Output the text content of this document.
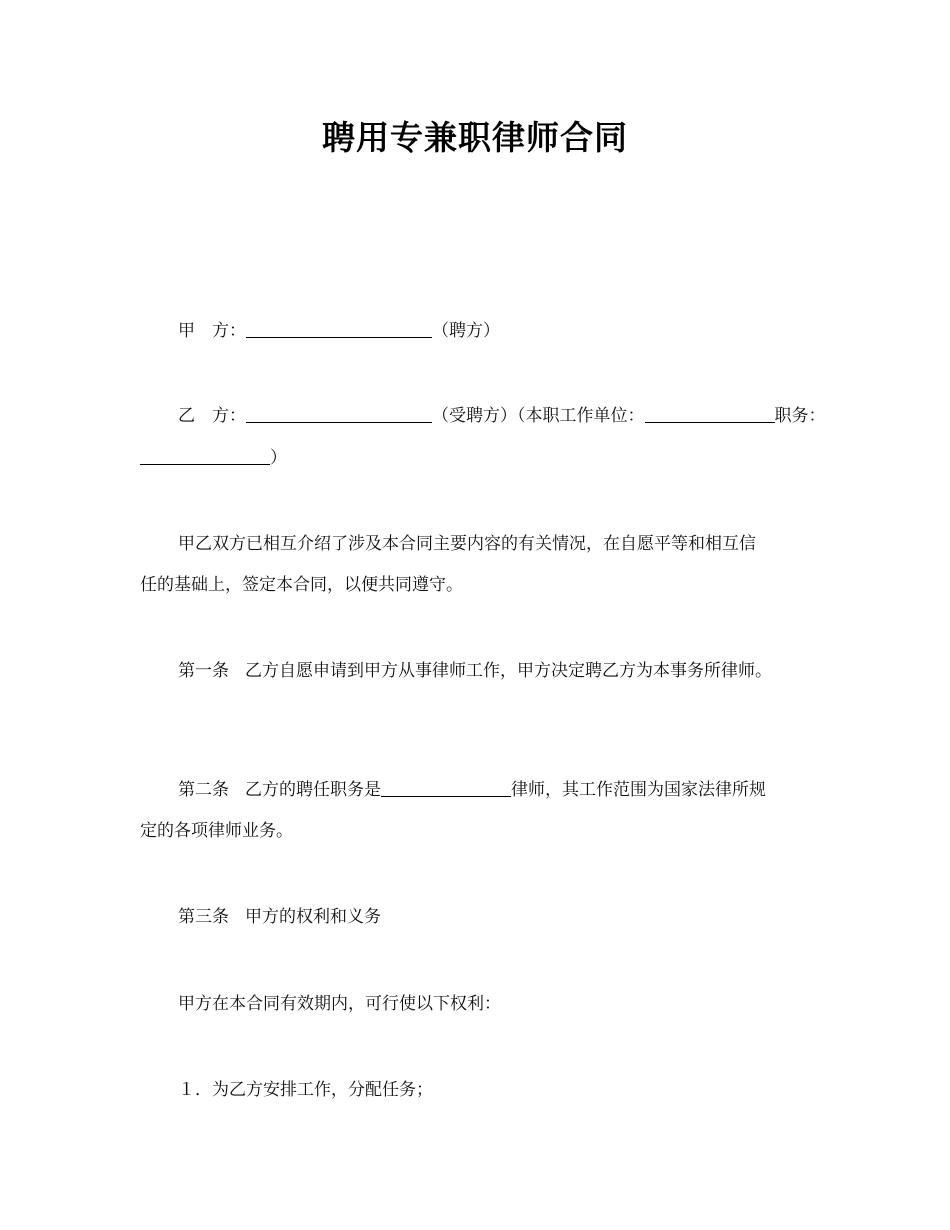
聘用专兼职律师合同
甲　方：	（聘方）
乙　方：	（受聘方）（本职工作单位：	职务：
）
甲乙双方已相互介绍了涉及本合同主要内容的有关情况，在自愿平等和相互信
任的基础上，签定本合同，以便共同遵守。
第一条 乙方自愿申请到甲方从事律师工作，甲方决定聘乙方为本事务所律师。
第二条 乙方的聘任职务是	律师，其工作范围为国家法律所规
定的各项律师业务。
第三条 甲方的权利和义务
甲方在本合同有效期内，可行使以下权利：
１．为乙方安排工作，分配任务；
